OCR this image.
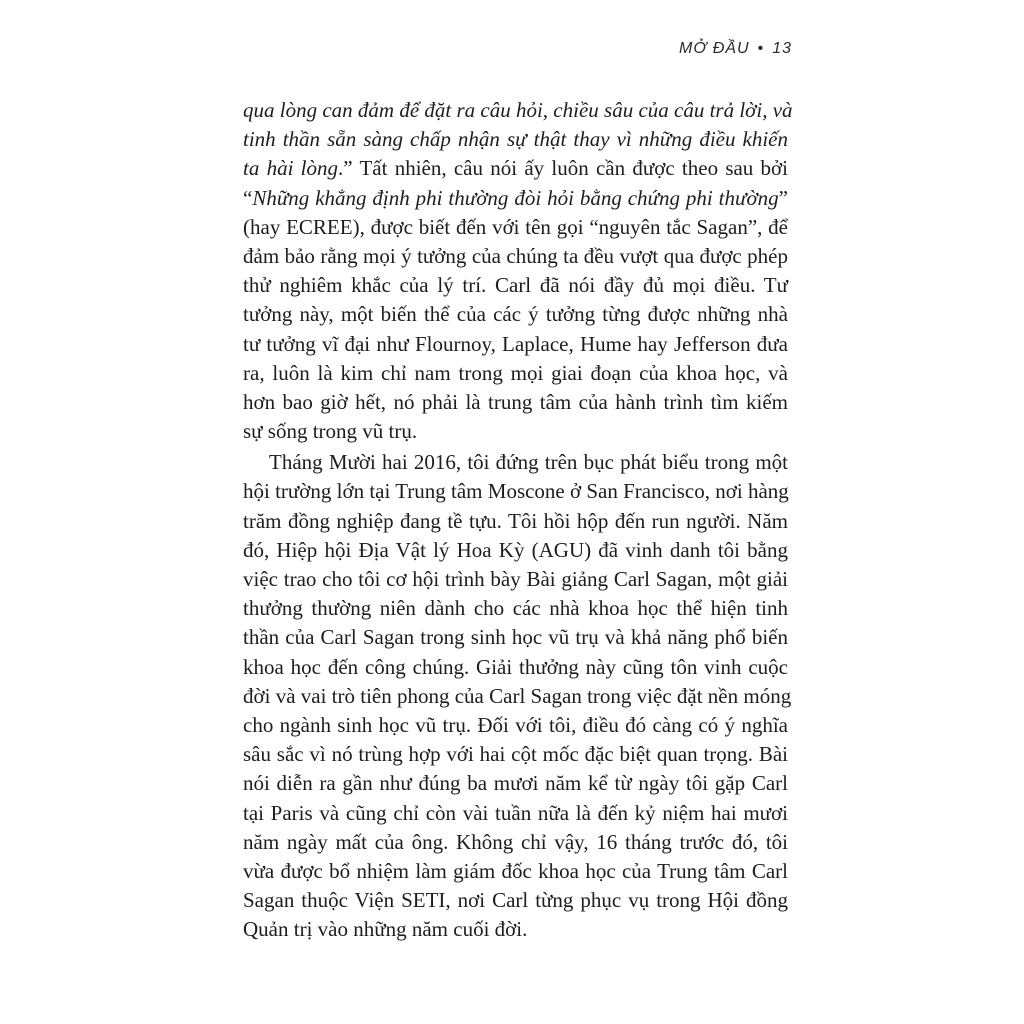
MỞ ĐẦU • 13
qua lòng can đảm để đặt ra câu hỏi, chiều sâu của câu trả lời, và
tinh thần sẵn sàng chấp nhận sự thật thay vì những điều khiến
ta hài lòng.” Tất nhiên, câu nói ấy luôn cần được theo sau bởi
“Những khẳng định phi thường đòi hỏi bằng chứng phi thường”
(hay ECREE), được biết đến với tên gọi “nguyên tắc Sagan”, để
đảm bảo rằng mọi ý tưởng của chúng ta đều vượt qua được phép
thử nghiêm khắc của lý trí. Carl đã nói đầy đủ mọi điều. Tư
tưởng này, một biến thể của các ý tưởng từng được những nhà
tư tưởng vĩ đại như Flournoy, Laplace, Hume hay Jefferson đưa
ra, luôn là kim chỉ nam trong mọi giai đoạn của khoa học, và
hơn bao giờ hết, nó phải là trung tâm của hành trình tìm kiếm
sự sống trong vũ trụ.
Tháng Mười hai 2016, tôi đứng trên bục phát biểu trong một
hội trường lớn tại Trung tâm Moscone ở San Francisco, nơi hàng
trăm đồng nghiệp đang tề tựu. Tôi hồi hộp đến run người. Năm
đó, Hiệp hội Địa Vật lý Hoa Kỳ (AGU) đã vinh danh tôi bằng
việc trao cho tôi cơ hội trình bày Bài giảng Carl Sagan, một giải
thưởng thường niên dành cho các nhà khoa học thể hiện tinh
thần của Carl Sagan trong sinh học vũ trụ và khả năng phổ biến
khoa học đến công chúng. Giải thưởng này cũng tôn vinh cuộc
đời và vai trò tiên phong của Carl Sagan trong việc đặt nền móng
cho ngành sinh học vũ trụ. Đối với tôi, điều đó càng có ý nghĩa
sâu sắc vì nó trùng hợp với hai cột mốc đặc biệt quan trọng. Bài
nói diễn ra gần như đúng ba mươi năm kể từ ngày tôi gặp Carl
tại Paris và cũng chỉ còn vài tuần nữa là đến kỷ niệm hai mươi
năm ngày mất của ông. Không chỉ vậy, 16 tháng trước đó, tôi
vừa được bổ nhiệm làm giám đốc khoa học của Trung tâm Carl
Sagan thuộc Viện SETI, nơi Carl từng phục vụ trong Hội đồng
Quản trị vào những năm cuối đời.
